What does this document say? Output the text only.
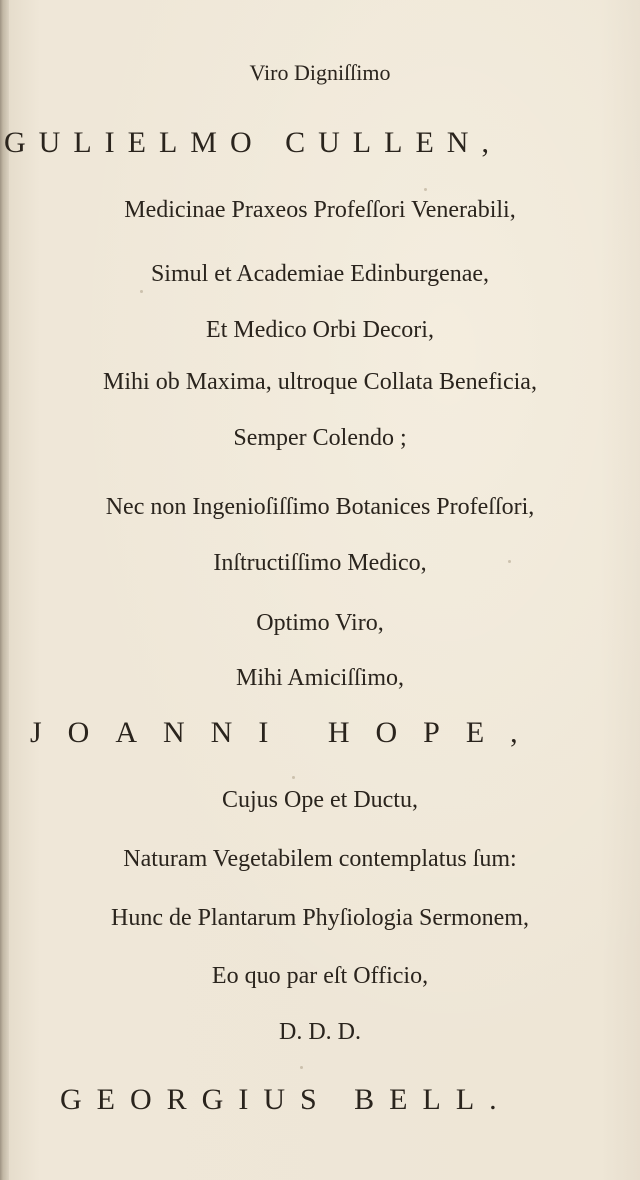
Viro Digniſſimo
GULIELMO CULLEN,
Medicinae Praxeos Profeſſori Venerabili,
Simul et Academiae Edinburgenae,
Et Medico Orbi Decori,
Mihi ob Maxima, ultroque Collata Beneficia,
Semper Colendo ;
Nec non Ingenioſiſſimo Botanices Profeſſori,
Inſtructiſſimo Medico,
Optimo Viro,
Mihi Amiciſſimo,
JOANNI HOPE,
Cujus Ope et Ductu,
Naturam Vegetabilem contemplatus ſum:
Hunc de Plantarum Phyſiologia Sermonem,
Eo quo par eſt Officio,
D. D. D.
GEORGIUS BELL.
